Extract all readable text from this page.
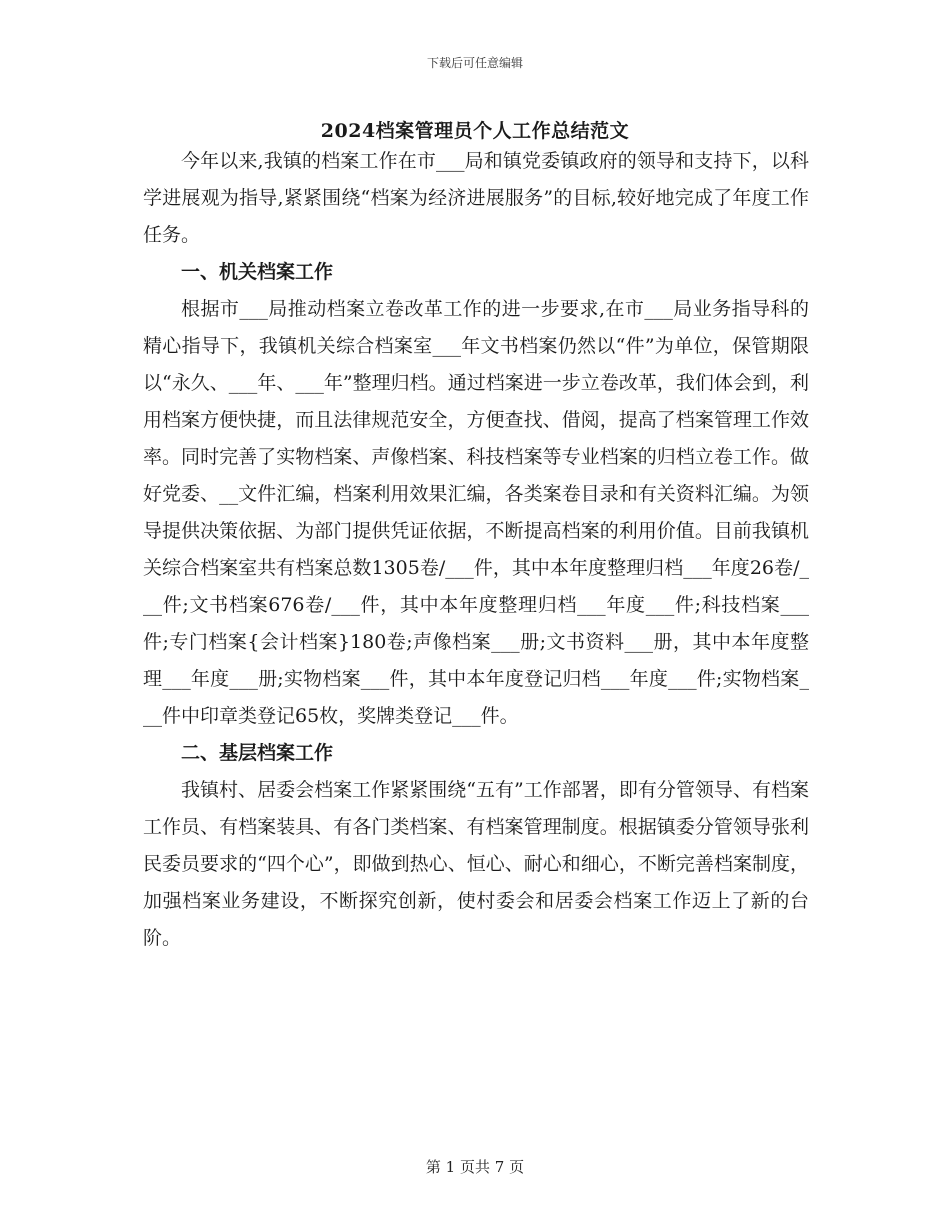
下载后可任意编辑
2024档案管理员个人工作总结范文

今年以来,我镇的档案工作在市___局和镇党委镇政府的领导和支持下，以科学进展观为指导,紧紧围绕“档案为经济进展服务”的目标,较好地完成了年度工作任务。

一、机关档案工作

根据市___局推动档案立卷改革工作的进一步要求,在市___局业务指导科的精心指导下，我镇机关综合档案室___年文书档案仍然以“件”为单位，保管期限以“永久、___年、___年”整理归档。通过档案进一步立卷改革，我们体会到，利用档案方便快捷，而且法律规范安全，方便查找、借阅，提高了档案管理工作效率。同时完善了实物档案、声像档案、科技档案等专业档案的归档立卷工作。做好党委、__文件汇编，档案利用效果汇编，各类案卷目录和有关资料汇编。为领导提供决策依据、为部门提供凭证依据，不断提高档案的利用价值。目前我镇机关综合档案室共有档案总数1305卷/___件，其中本年度整理归档___年度26卷/___件;文书档案676卷/___件，其中本年度整理归档___年度___件;科技档案___件;专门档案{会计档案}180卷;声像档案___册;文书资料___册，其中本年度整理___年度___册;实物档案___件，其中本年度登记归档___年度___件;实物档案___件中印章类登记65枚，奖牌类登记___件。

二、基层档案工作

我镇村、居委会档案工作紧紧围绕“五有”工作部署，即有分管领导、有档案工作员、有档案装具、有各门类档案、有档案管理制度。根据镇委分管领导张利民委员要求的“四个心”，即做到热心、恒心、耐心和细心，不断完善档案制度，加强档案业务建设，不断探究创新，使村委会和居委会档案工作迈上了新的台阶。

第 1 页共 7 页
